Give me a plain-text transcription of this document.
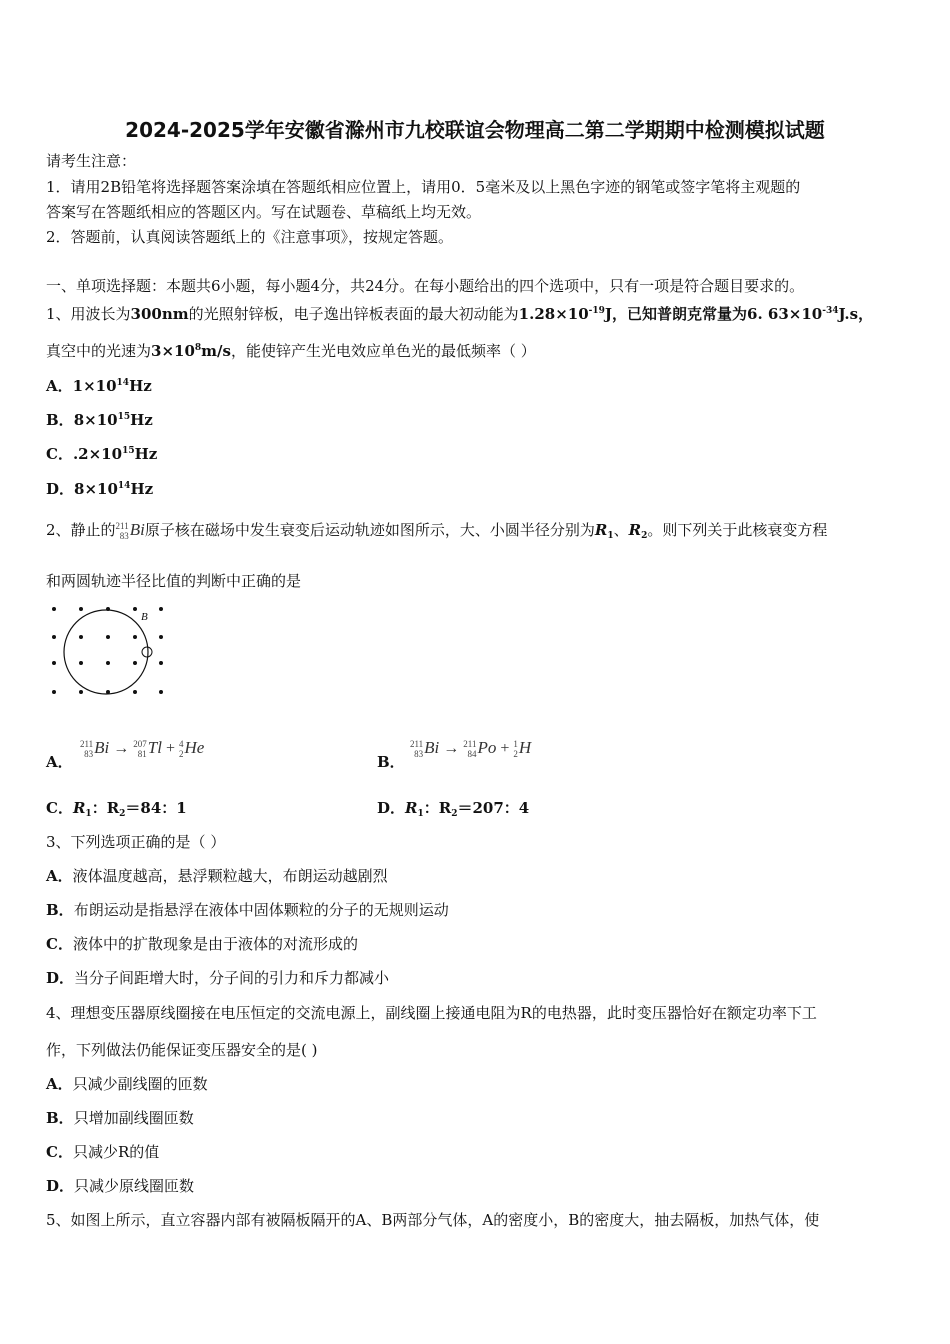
2024-2025学年安徽省滁州市九校联谊会物理高二第二学期期中检测模拟试题
请考生注意：
1．请用2B铅笔将选择题答案涂填在答题纸相应位置上，请用0．5毫米及以上黑色字迹的钢笔或签字笔将主观题的
答案写在答题纸相应的答题区内。写在试题卷、草稿纸上均无效。
2．答题前，认真阅读答题纸上的《注意事项》，按规定答题。
一、单项选择题：本题共6小题，每小题4分，共24分。在每小题给出的四个选项中，只有一项是符合题目要求的。
1、用波长为300nm的光照射锌板，电子逸出锌板表面的最大初动能为$1.28\times 10^{-19}J$，已知普朗克常量为6. $63\times 10^{-34}J.s$，
真空中的光速为$3\times 10^8m/s$，能使锌产生光电效应单色光的最低频率（ ）
A．$1\times 10^{14}Hz$
B．$8\times 10^{15}Hz$
C．$.2\times 10^{15}Hz$
D．$8\times 10^{14}Hz$
2、静止的 211
83 Bi原子核在磁场中发生衰变后运动轨迹如图所示，大、小圆半径分别为$R_1$、$R_2$。则下列关于此核衰变方程
和两圆轨迹半径比值的判断中正确的是
B
A．
211
83 Bi → 207
81 Tl + 4
2 He
B．
211
83 Bi → 211
84 Po + 1
2 H
C．$R_1$：$R_2=84$：1	D．$R_1$：$R_2=207$：4
3、下列选项正确的是（ ）
A．液体温度越高，悬浮颗粒越大，布朗运动越剧烈
B．布朗运动是指悬浮在液体中固体颗粒的分子的无规则运动
C．液体中的扩散现象是由于液体的对流形成的
D．当分子间距增大时，分子间的引力和斥力都减小
4、理想变压器原线圈接在电压恒定的交流电源上，副线圈上接通电阻为R的电热器，此时变压器恰好在额定功率下工
作，下列做法仍能保证变压器安全的是( )
A．只减少副线圈的匝数
B．只增加副线圈匝数
C．只减少R的值
D．只减少原线圈匝数
5、如图上所示，直立容器内部有被隔板隔开的A、B两部分气体，A的密度小，B的密度大，抽去隔板，加热气体，使
